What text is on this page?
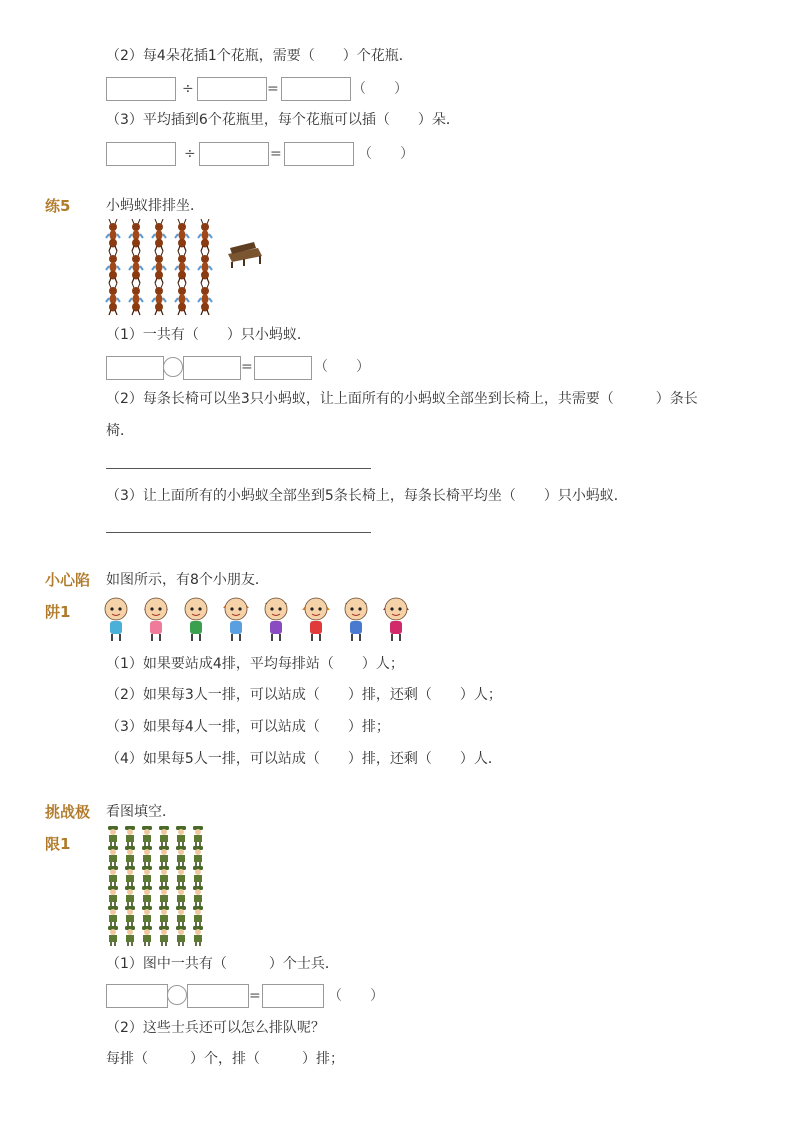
（2）每4朵花插1个花瓶，需要（　　）个花瓶．
÷	=	（　　）
（3）平均插到6个花瓶里，每个花瓶可以插（　　）朵．
÷	=	（　　）
练5	小蚂蚁排排坐．
（1）一共有（　　）只小蚂蚁．
=	（　　）
（2）每条长椅可以坐3只小蚂蚁，让上面所有的小蚂蚁全部坐到长椅上，共需要（　　　）条长
椅．
（3）让上面所有的小蚂蚁全部坐到5条长椅上，每条长椅平均坐（　　）只小蚂蚁．
小心陷
阱1
如图所示，有8个小朋友．
（1）如果要站成4排，平均每排站（　　）人；
（2）如果每3人一排，可以站成（　　）排，还剩（　　）人；
（3）如果每4人一排，可以站成（　　）排；
（4）如果每5人一排，可以站成（　　）排，还剩（　　）人．
挑战极
限1
看图填空．
（1）图中一共有（　　　）个士兵．
=	（　　）
（2）这些士兵还可以怎么排队呢？
每排（　　　）个，排（　　　）排；
